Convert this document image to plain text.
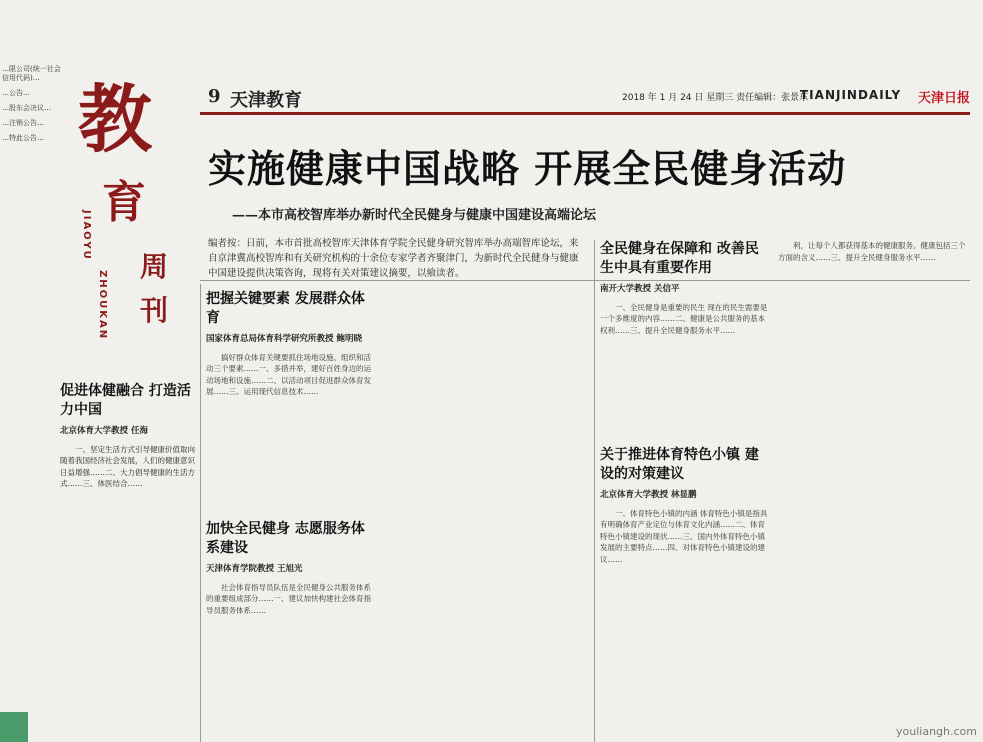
…限公司(统一社会信用代码)…
…公告…
…股东会决议…
…注销公告…
…特此公告… 教
育
JIAOYU
ZHOUKAN
周
刊
9 天津教育	2018 年 1 月 24 日 星期三 责任编辑：张景东
TIANJINDAILY 天津日报
实施健康中国战略 开展全民健身活动
——本市高校智库举办新时代全民健身与健康中国建设高端论坛
编者按：日前，本市首批高校智库天津体育学院全民健身研究智库举办高端智库论坛，来自京津冀高校智库和有关研究机构的十余位专家学者齐聚津门，为新时代全民健身与健康中国建设提供决策咨询，现将有关对策建议摘要，以飨读者。
促进体健融合 打造活力中国
北京体育大学教授 任海
一、坚定生活方式引导健康价值取向 随着我国经济社会发展，人们的健康意识日益增强……二、大力倡导健康的生活方式……三、体医结合……
把握关键要素 发展群众体育
国家体育总局体育科学研究所教授 鲍明晓
搞好群众体育关键要抓住场地设施、组织和活动三个要素……一、多措并举，建好百姓身边的运动场地和设施……二、以活动项目促进群众体育发展……三、运用现代信息技术……
加快全民健身 志愿服务体系建设
天津体育学院教授 王旭光
社会体育指导员队伍是全民健身公共服务体系的重要组成部分……一、建议加快构建社会体育指导员服务体系……
全民健身在保障和 改善民生中具有重要作用
南开大学教授 关信平
一、全民健身是重要的民生 现在的民生需要是一个多维度的内容……二、健康是公共服务的基本权利……三、提升全民健身服务水平……
关于推进体育特色小镇 建设的对策建议
北京体育大学教授 林显鹏
一、体育特色小镇的内涵 体育特色小镇是指具有明确体育产业定位与体育文化内涵……二、体育特色小镇建设的现状……三、国内外体育特色小镇发展的主要特点……四、对体育特色小镇建设的建议……
利，让每个人都获得基本的健康服务。健康包括三个方面的含义……三、提升全民健身服务水平……
youliangh.com
